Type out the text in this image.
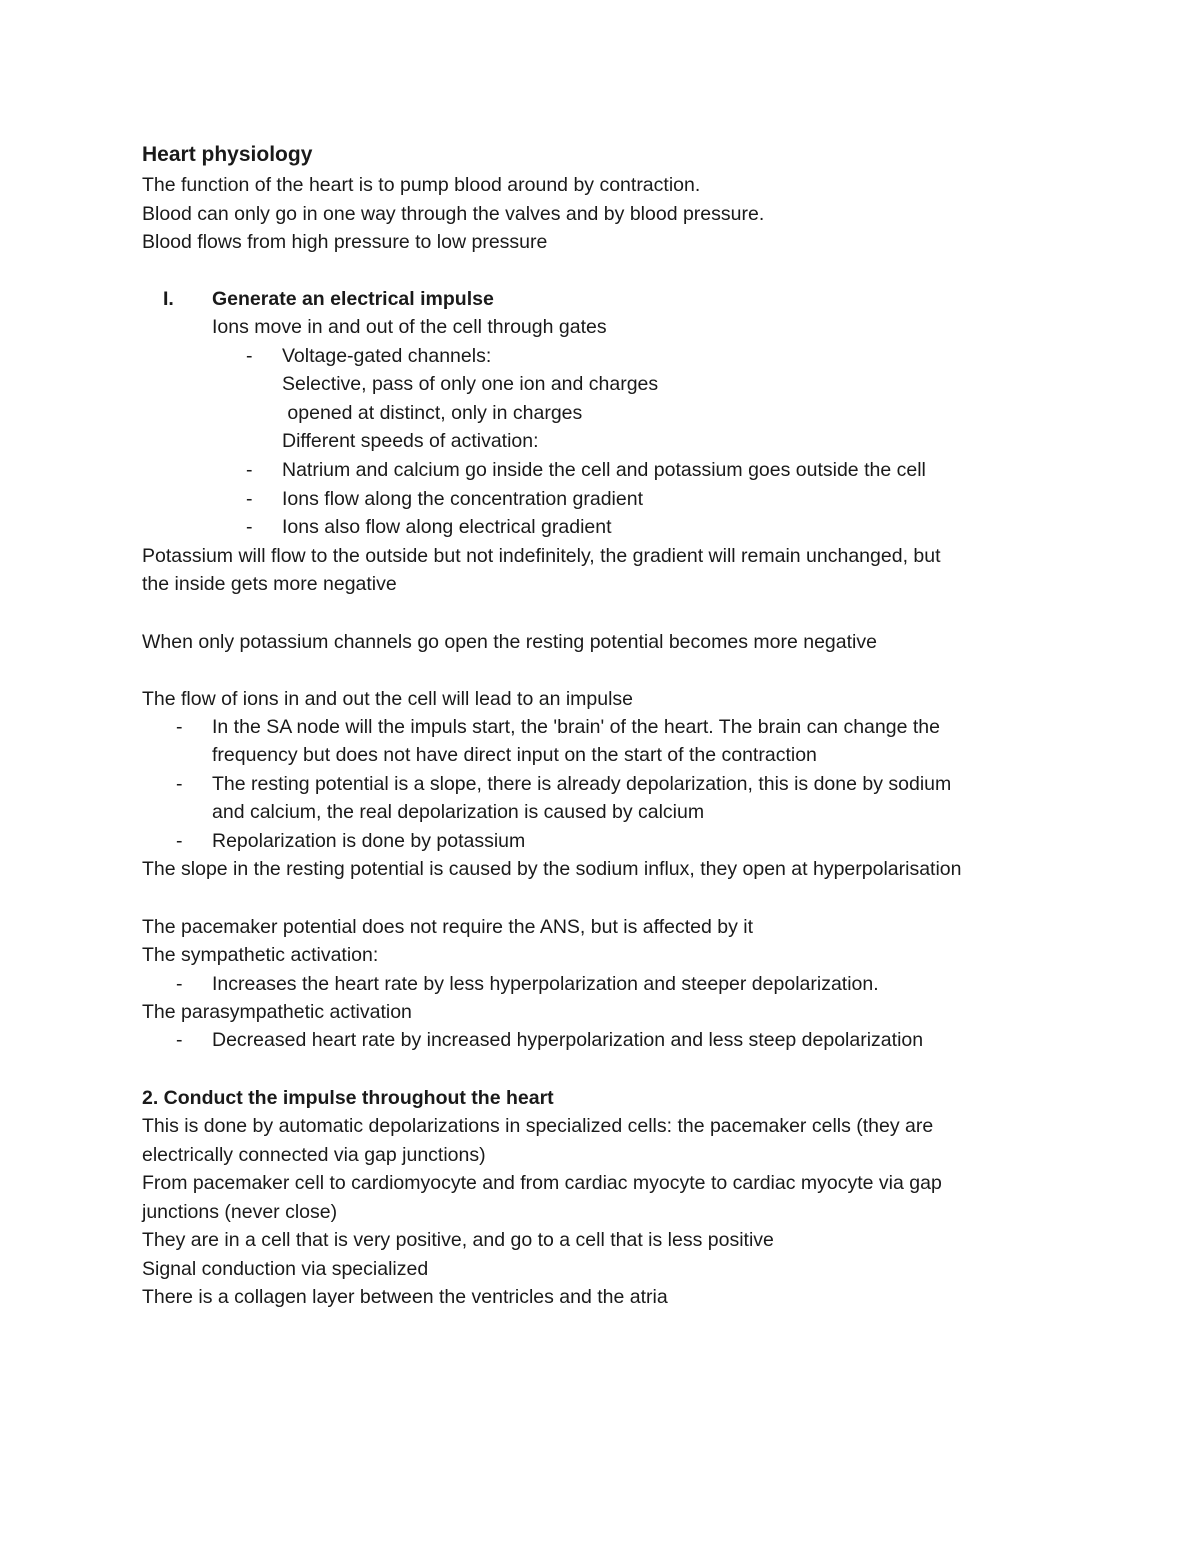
Heart physiology
The function of the heart is to pump blood around by contraction.
Blood can only go in one way through the valves and by blood pressure.
Blood flows from high pressure to low pressure
I. Generate an electrical impulse
Ions move in and out of the cell through gates
- Voltage-gated channels:
Selective, pass of only one ion and charges
opened at distinct, only in charges
Different speeds of activation:
- Natrium and calcium go inside the cell and potassium goes outside the cell
- Ions flow along the concentration gradient
- Ions also flow along electrical gradient
Potassium will flow to the outside but not indefinitely, the gradient will remain unchanged, but
the inside gets more negative
When only potassium channels go open the resting potential becomes more negative
The flow of ions in and out the cell will lead to an impulse
- In the SA node will the impuls start, the 'brain' of the heart. The brain can change the
frequency but does not have direct input on the start of the contraction
- The resting potential is a slope, there is already depolarization, this is done by sodium
and calcium, the real depolarization is caused by calcium
- Repolarization is done by potassium
The slope in the resting potential is caused by the sodium influx, they open at hyperpolarisation
The pacemaker potential does not require the ANS, but is affected by it
The sympathetic activation:
- Increases the heart rate by less hyperpolarization and steeper depolarization.
The parasympathetic activation
- Decreased heart rate by increased hyperpolarization and less steep depolarization
2. Conduct the impulse throughout the heart
This is done by automatic depolarizations in specialized cells: the pacemaker cells (they are
electrically connected via gap junctions)
From pacemaker cell to cardiomyocyte and from cardiac myocyte to cardiac myocyte via gap
junctions (never close)
They are in a cell that is very positive, and go to a cell that is less positive
Signal conduction via specialized
There is a collagen layer between the ventricles and the atria
